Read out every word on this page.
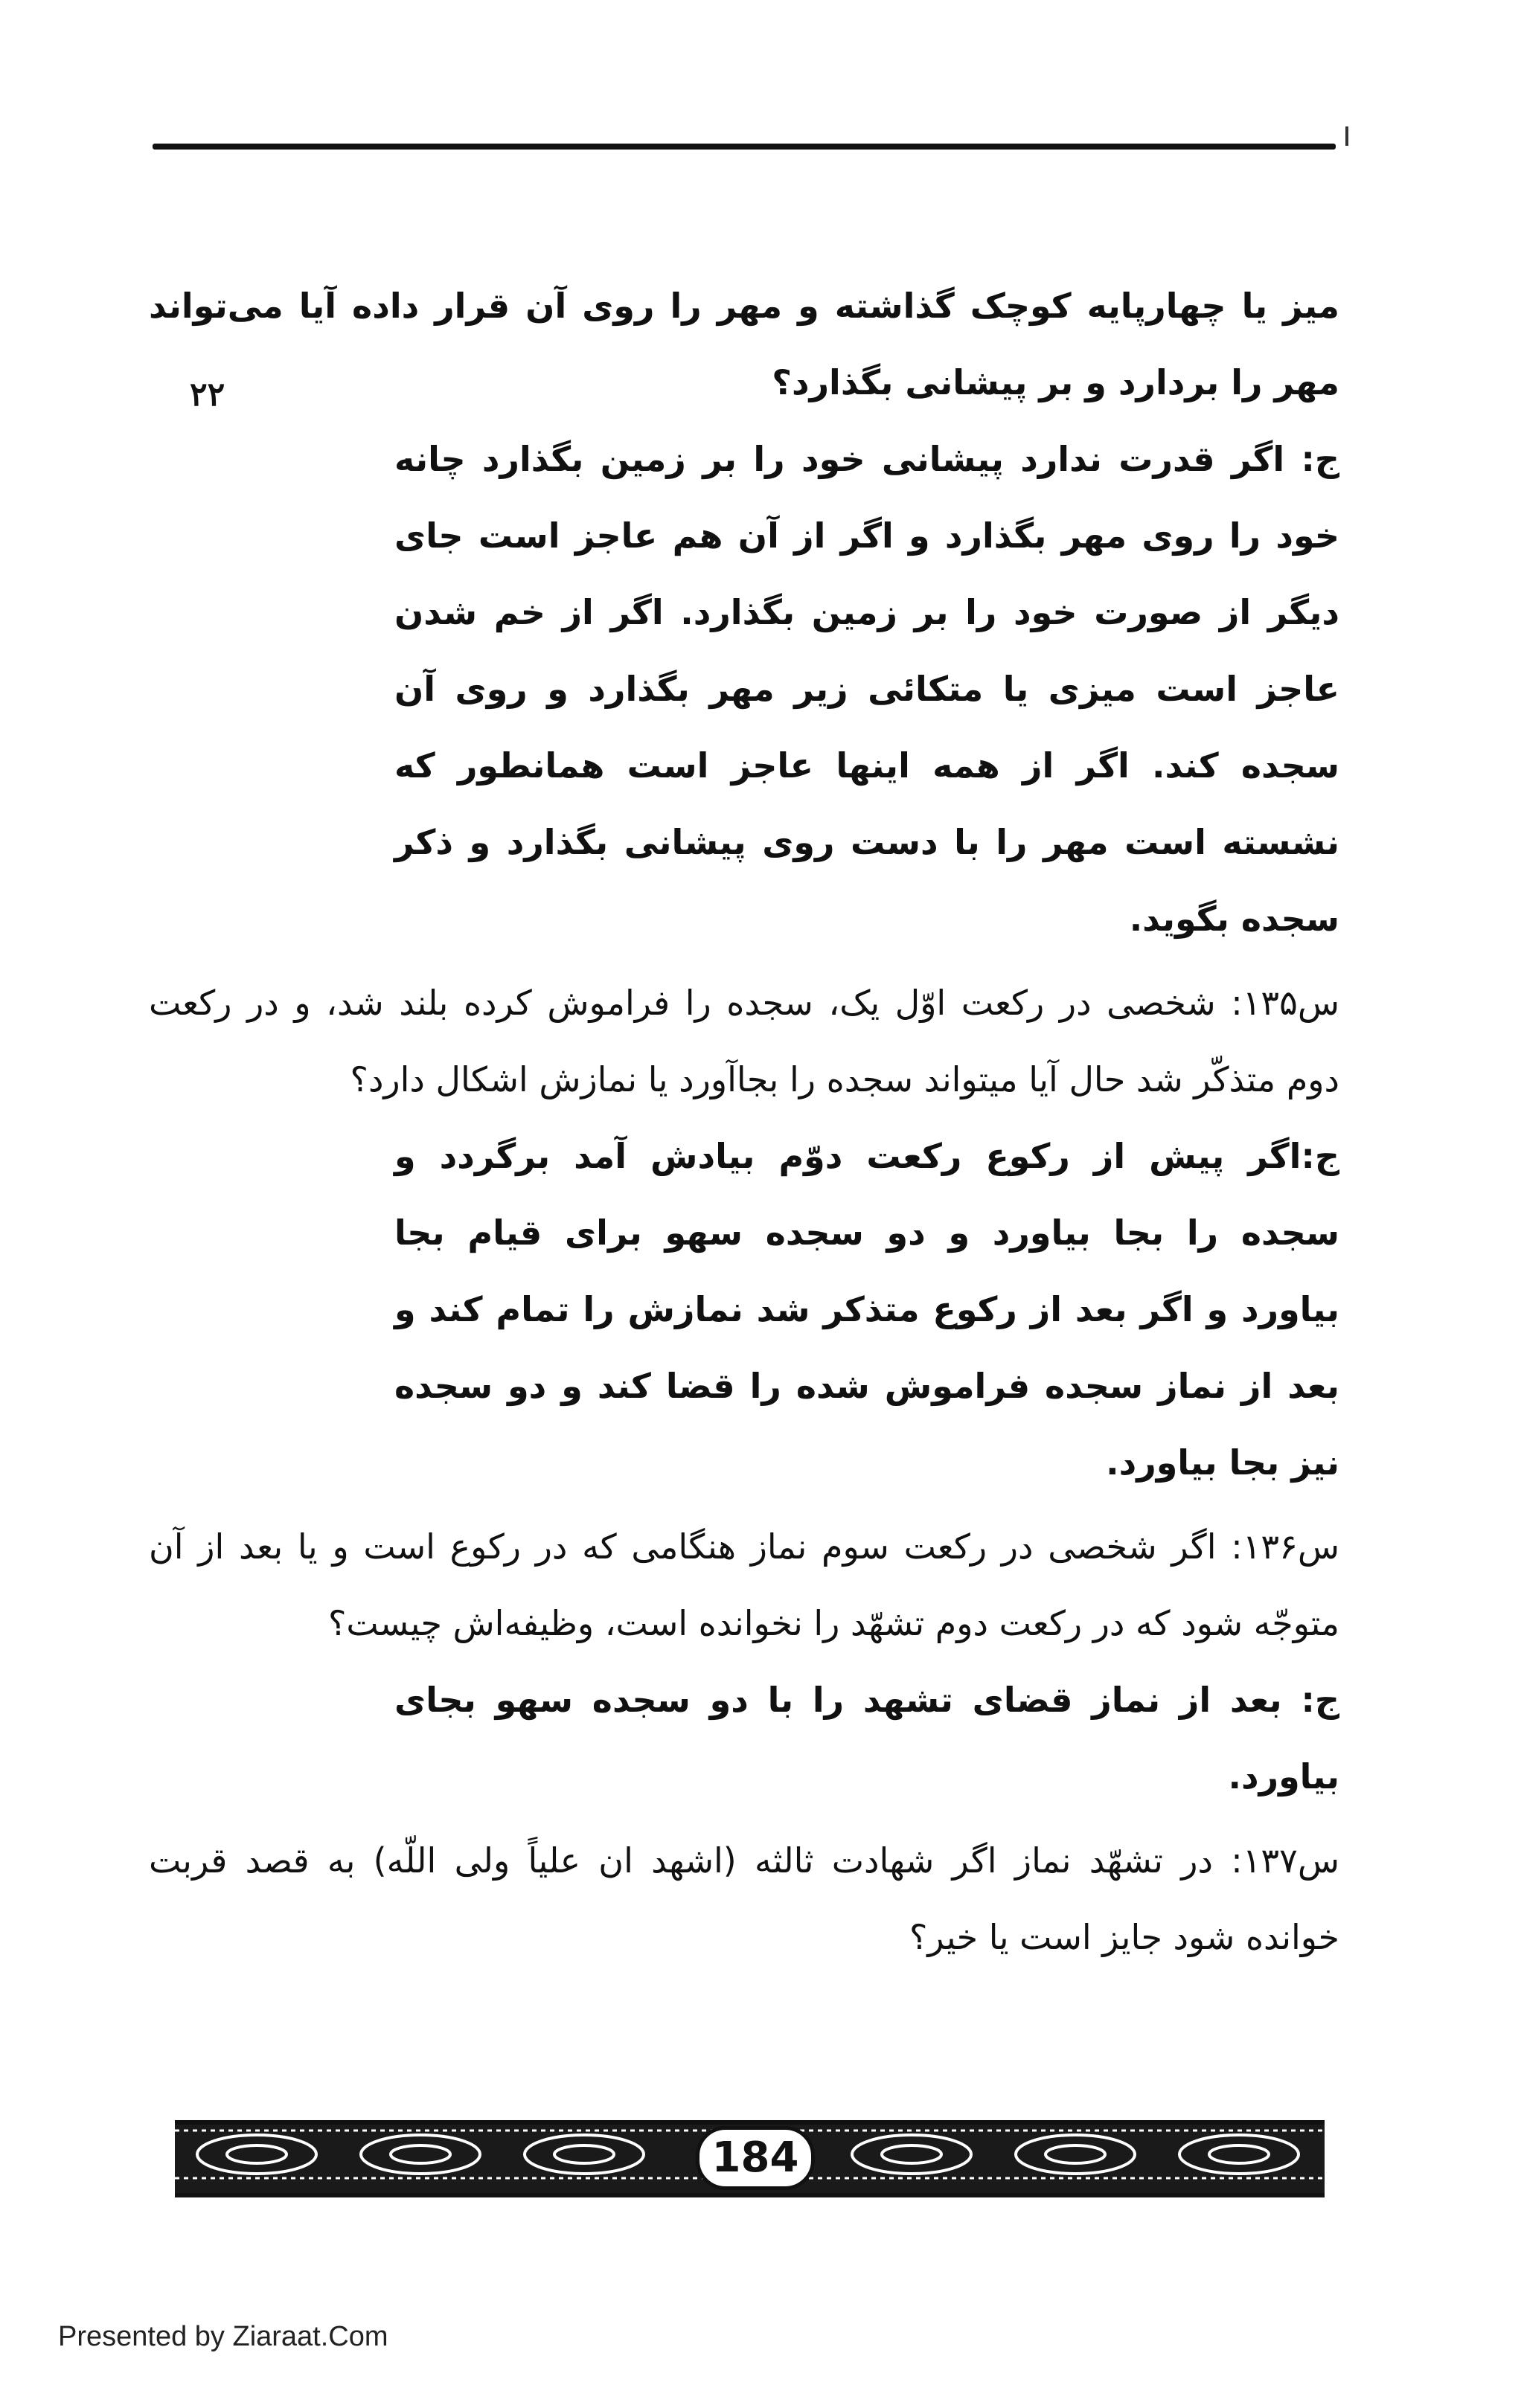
۲۲

میز یا چهارپایه کوچک گذاشته و مهر را روی آن قرار داده آیا می‌تواند مهر را بردارد و بر پیشانی بگذارد؟

ج: اگر قدرت ندارد پیشانی خود را بر زمین بگذارد چانه خود را روی مهر بگذارد و اگر از آن هم عاجز است جای دیگر از صورت خود را بر زمین بگذارد. اگر از خم شدن عاجز است میزی یا متکائی زیر مهر بگذارد و روی آن سجده کند. اگر از همه اینها عاجز است همانطور که نشسته است مهر را با دست روی پیشانی بگذارد و ذکر سجده بگوید.

س۱۳۵: شخصی در رکعت اوّل یک، سجده را فراموش کرده بلند شد، و در رکعت دوم متذکّر شد حال آیا میتواند سجده را بجاآورد یا نمازش اشکال دارد؟

ج:اگر پیش از رکوع رکعت دوّم بیادش آمد برگردد و سجده را بجا بیاورد و دو سجده سهو برای قیام بجا بیاورد و اگر بعد از رکوع متذکر شد نمازش را تمام کند و بعد از نماز سجده فراموش شده را قضا کند و دو سجده نیز بجا بیاورد.

س۱۳۶: اگر شخصی در رکعت سوم نماز هنگامی که در رکوع است و یا بعد از آن متوجّه شود که در رکعت دوم تشهّد را نخوانده است، وظیفه‌اش چیست؟

ج: بعد از نماز قضای تشهد را با دو سجده سهو بجای بیاورد.

س۱۳۷: در تشهّد نماز اگر شهادت ثالثه (اشهد ان علیاً ولی اللّه) به قصد قربت خوانده شود جایز است یا خیر؟

184
Presented by Ziaraat.Com
